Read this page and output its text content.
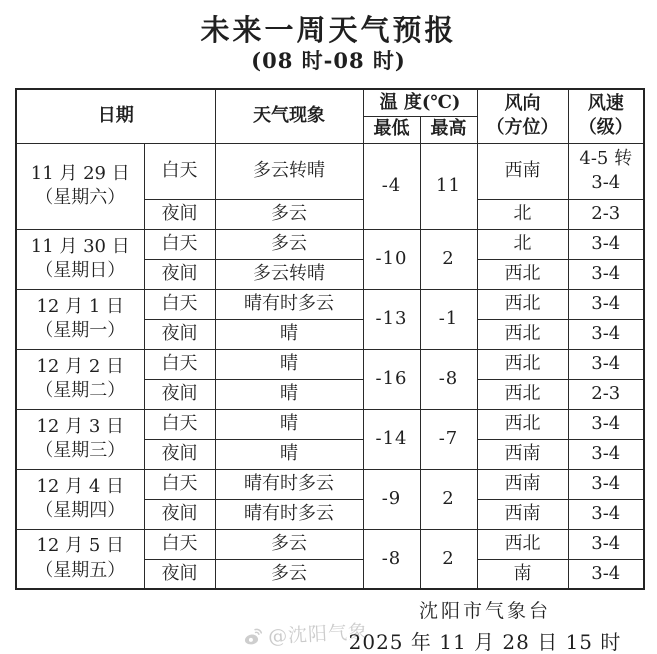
未来一周天气预报
(08 时-08 时)
日期		天气现象	温 度(℃)		风向
（方位）	风速
（级）

			最低	最高		

11 月 29 日
（星期六）	白天	多云转晴	-4	11	西南	4-5 转 3-4
	夜间	多云			北	2-3

11 月 30 日
（星期日）	白天	多云	-10	2	北	3-4
	夜间	多云转晴			西北	3-4

12 月 1 日
（星期一）	白天	晴有时多云	-13	-1	西北	3-4
	夜间	晴			西北	3-4

12 月 2 日
（星期二）	白天	晴	-16	-8	西北	3-4
	夜间	晴			西北	2-3

12 月 3 日
（星期三）	白天	晴	-14	-7	西北	3-4
	夜间	晴			西南	3-4

12 月 4 日
（星期四）	白天	晴有时多云	-9	2	西南	3-4
	夜间	晴有时多云			西南	3-4

12 月 5 日
（星期五）	白天	多云	-8	2	西北	3-4
	夜间	多云			南	3-4
@沈阳气象
沈阳市气象台
2025 年 11 月 28 日 15 时
